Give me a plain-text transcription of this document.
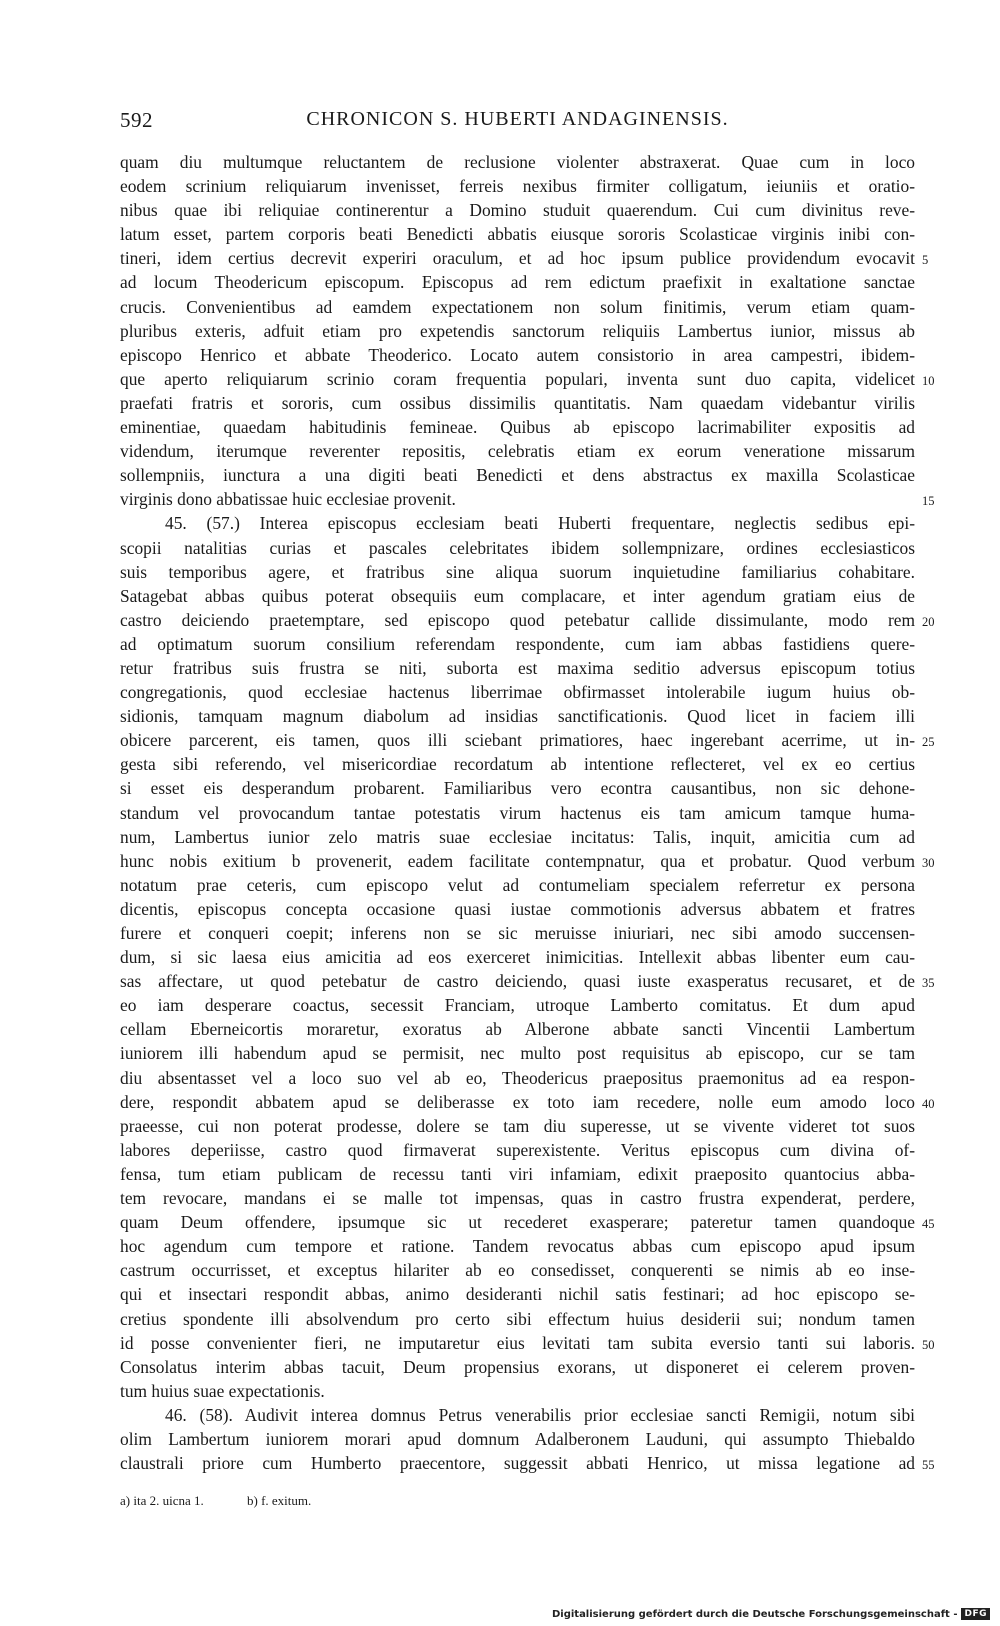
592	CHRONICON S. HUBERTI ANDAGINENSIS.
quam diu multumque reluctantem de reclusione violenter abstraxerat. Quae cum in loco
eodem scrinium reliquiarum invenisset, ferreis nexibus firmiter colligatum, ieiuniis et oratio-
nibus quae ibi reliquiae continerentur a Domino studuit quaerendum. Cui cum divinitus reve-
latum esset, partem corporis beati Benedicti abbatis eiusque sororis Scolasticae virginis inibi con-
tineri, idem certius decrevit experiri oraculum, et ad hoc ipsum publice providendum evocavit 5
ad locum Theodericum episcopum. Episcopus ad rem edictum praefixit in exaltatione sanctae
crucis. Convenientibus ad eamdem expectationem non solum finitimis, verum etiam quam-
pluribus exteris, adfuit etiam pro expetendis sanctorum reliquiis Lambertus iunior, missus ab
episcopo Henrico et abbate Theoderico. Locato autem consistorio in area campestri, ibidem-
que aperto reliquiarum scrinio coram frequentia populari, inventa sunt duo capita, videlicet 10
praefati fratris et sororis, cum ossibus dissimilis quantitatis. Nam quaedam videbantur virilis
eminentiae, quaedam habitudinis femineae. Quibus ab episcopo lacrimabiliter expositis ad
videndum, iterumque reverenter repositis, celebratis etiam ex eorum veneratione missarum
sollempniis, iunctura a una digiti beati Benedicti et dens abstractus ex maxilla Scolasticae
virginis dono abbatissae huic ecclesiae provenit.	15
45. (57.) Interea episcopus ecclesiam beati Huberti frequentare, neglectis sedibus epi-
scopii natalitias curias et pascales celebritates ibidem sollempnizare, ordines ecclesiasticos
suis temporibus agere, et fratribus sine aliqua suorum inquietudine familiarius cohabitare.
Satagebat abbas quibus poterat obsequiis eum complacare, et inter agendum gratiam eius de
castro deiciendo praetemptare, sed episcopo quod petebatur callide dissimulante, modo rem 20
ad optimatum suorum consilium referendam respondente, cum iam abbas fastidiens quere-
retur fratribus suis frustra se niti, suborta est maxima seditio adversus episcopum totius
congregationis, quod ecclesiae hactenus liberrimae obfirmasset intolerabile iugum huius ob-
sidionis, tamquam magnum diabolum ad insidias sanctificationis. Quod licet in faciem illi
obicere parcerent, eis tamen, quos illi sciebant primatiores, haec ingerebant acerrime, ut in- 25
gesta sibi referendo, vel misericordiae recordatum ab intentione reflecteret, vel ex eo certius
si esset eis desperandum probarent. Familiaribus vero econtra causantibus, non sic dehone-
standum vel provocandum tantae potestatis virum hactenus eis tam amicum tamque huma-
num, Lambertus iunior zelo matris suae ecclesiae incitatus: Talis, inquit, amicitia cum ad
hunc nobis exitium b provenerit, eadem facilitate contempnatur, qua et probatur. Quod verbum 30
notatum prae ceteris, cum episcopo velut ad contumeliam specialem referretur ex persona
dicentis, episcopus concepta occasione quasi iustae commotionis adversus abbatem et fratres
furere et conqueri coepit; inferens non se sic meruisse iniuriari, nec sibi amodo succensen-
dum, si sic laesa eius amicitia ad eos exerceret inimicitias. Intellexit abbas libenter eum cau-
sas affectare, ut quod petebatur de castro deiciendo, quasi iuste exasperatus recusaret, et de 35
eo iam desperare coactus, secessit Franciam, utroque Lamberto comitatus. Et dum apud
cellam Eberneicortis moraretur, exoratus ab Alberone abbate sancti Vincentii Lambertum
iuniorem illi habendum apud se permisit, nec multo post requisitus ab episcopo, cur se tam
diu absentasset vel a loco suo vel ab eo, Theodericus praepositus praemonitus ad ea respon-
dere, respondit abbatem apud se deliberasse ex toto iam recedere, nolle eum amodo loco 40
praeesse, cui non poterat prodesse, dolere se tam diu superesse, ut se vivente videret tot suos
labores deperiisse, castro quod firmaverat superexistente. Veritus episcopus cum divina of-
fensa, tum etiam publicam de recessu tanti viri infamiam, edixit praeposito quantocius abba-
tem revocare, mandans ei se malle tot impensas, quas in castro frustra expenderat, perdere,
quam Deum offendere, ipsumque sic ut recederet exasperare; pateretur tamen quandoque 45
hoc agendum cum tempore et ratione. Tandem revocatus abbas cum episcopo apud ipsum
castrum occurrisset, et exceptus hilariter ab eo consedisset, conquerenti se nimis ab eo inse-
qui et insectari respondit abbas, animo desideranti nichil satis festinari; ad hoc episcopo se-
cretius spondente illi absolvendum pro certo sibi effectum huius desiderii sui; nondum tamen
id posse convenienter fieri, ne imputaretur eius levitati tam subita eversio tanti sui laboris. 50
Consolatus interim abbas tacuit, Deum propensius exorans, ut disponeret ei celerem proven-
tum huius suae expectationis.
46. (58). Audivit interea domnus Petrus venerabilis prior ecclesiae sancti Remigii, notum sibi
olim Lambertum iuniorem morari apud domnum Adalberonem Lauduni, qui assumpto Thiebaldo
claustrali priore cum Humberto praecentore, suggessit abbati Henrico, ut missa legatione ad 55
a) ita 2. uicna 1.	b) f. exitum.
Digitalisierung gefördert durch die Deutsche Forschungsgemeinschaft - DFG
